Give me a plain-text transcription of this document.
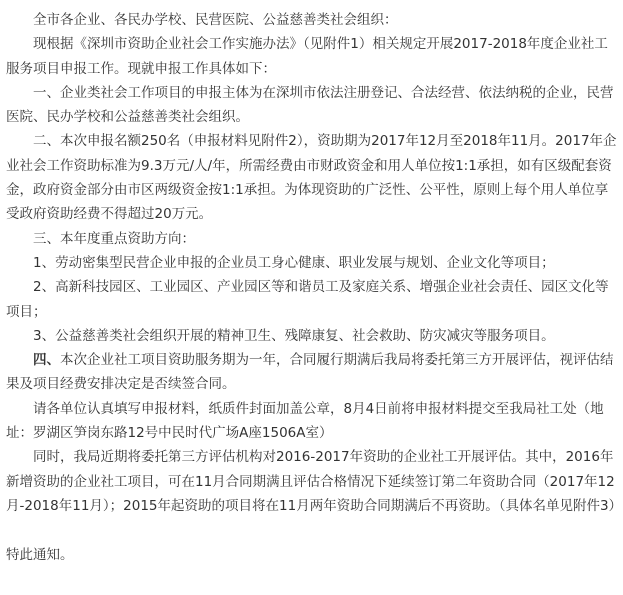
全市各企业、各民办学校、民营医院、公益慈善类社会组织：

现根据《深圳市资助企业社会工作实施办法》（见附件1）相关规定开展2017-2018年度企业社工服务项目申报工作。现就申报工作具体如下：

一、企业类社会工作项目的申报主体为在深圳市依法注册登记、合法经营、依法纳税的企业，民营医院、民办学校和公益慈善类社会组织。

二、本次申报名额250名（申报材料见附件2），资助期为2017年12月至2018年11月。2017年企业社会工作资助标准为9.3万元/人/年，所需经费由市财政资金和用人单位按1:1承担，如有区级配套资金，政府资金部分由市区两级资金按1:1承担。为体现资助的广泛性、公平性，原则上每个用人单位享受政府资助经费不得超过20万元。

三、本年度重点资助方向：

1、劳动密集型民营企业申报的企业员工身心健康、职业发展与规划、企业文化等项目；

2、高新科技园区、工业园区、产业园区等和谐员工及家庭关系、增强企业社会责任、园区文化等项目；

3、公益慈善类社会组织开展的精神卫生、残障康复、社会救助、防灾减灾等服务项目。

四、本次企业社工项目资助服务期为一年，合同履行期满后我局将委托第三方开展评估，视评估结果及项目经费安排决定是否续签合同。

请各单位认真填写申报材料，纸质件封面加盖公章，8月4日前将申报材料提交至我局社工处（地址：罗湖区笋岗东路12号中民时代广场A座1506A室）

同时，我局近期将委托第三方评估机构对2016-2017年资助的企业社工开展评估。其中，2016年新增资助的企业社工项目，可在11月合同期满且评估合格情况下延续签订第二年资助合同（2017年12月-2018年11月）；2015年起资助的项目将在11月两年资助合同期满后不再资助。（具体名单见附件3）

特此通知。
